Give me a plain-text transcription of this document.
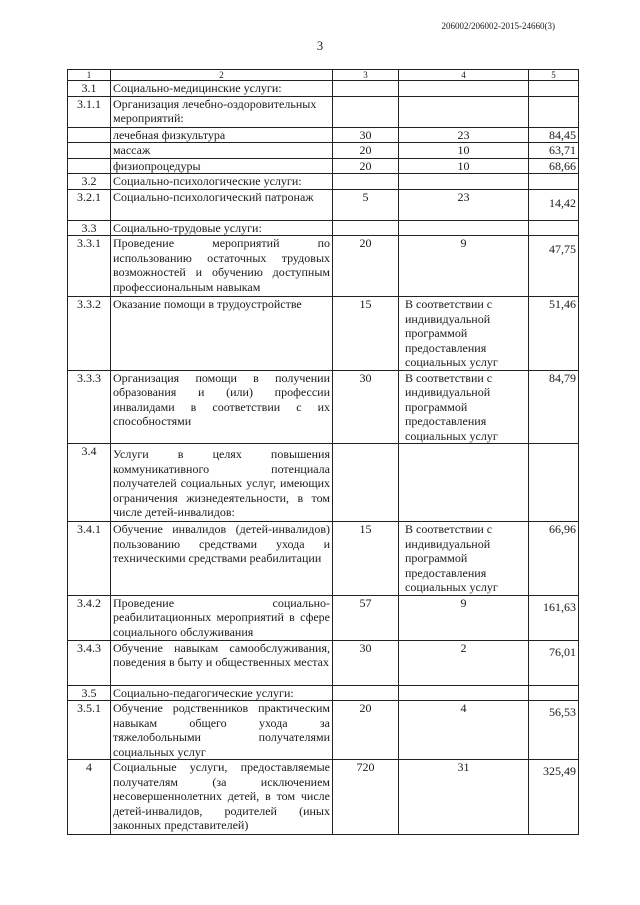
206002/206002-2015-24660(3)
3
1	2	3	4	5
3.1	Социально-медицинские услуги:			
3.1.1	Организация лечебно-оздоровительных мероприятий:			
	лечебная физкультура	30	23	84,45
	массаж	20	10	63,71
	физиопроцедуры	20	10	68,66
3.2	Социально-психологические услуги:			
3.2.1	Социально-психологический патронаж	5	23	14,42
3.3	Социально-трудовые услуги:			
3.3.1	Проведение мероприятий по использованию остаточных трудовых возможностей и обучению доступным профессиональным навыкам	20	9	47,75
3.3.2	Оказание помощи в трудоустройстве	15	В соответствии с индивидуальной программой предоставления социальных услуг	51,46
3.3.3	Организация помощи в получении образования и (или) профессии инвалидами в соответствии с их способностями	30	В соответствии с индивидуальной программой предоставления социальных услуг	84,79
3.4	Услуги в целях повышения коммуникативного потенциала получателей социальных услуг, имеющих ограничения жизнедеятельности, в том числе детей-инвалидов:			
3.4.1	Обучение инвалидов (детей-инвалидов) пользованию средствами ухода и техническими средствами реабилитации	15	В соответствии с индивидуальной программой предоставления социальных услуг	66,96
3.4.2	Проведение социально-реабилитационных мероприятий в сфере социального обслуживания	57	9	161,63
3.4.3	Обучение навыкам самообслуживания, поведения в быту и общественных местах	30	2	76,01
3.5	Социально-педагогические услуги:			
3.5.1	Обучение родственников практическим навыкам общего ухода за тяжелобольными получателями социальных услуг	20	4	56,53
4	Социальные услуги, предоставляемые получателям (за исключением несовершеннолетних детей, в том числе детей-инвалидов, родителей (иных законных представителей)	720	31	325,49
